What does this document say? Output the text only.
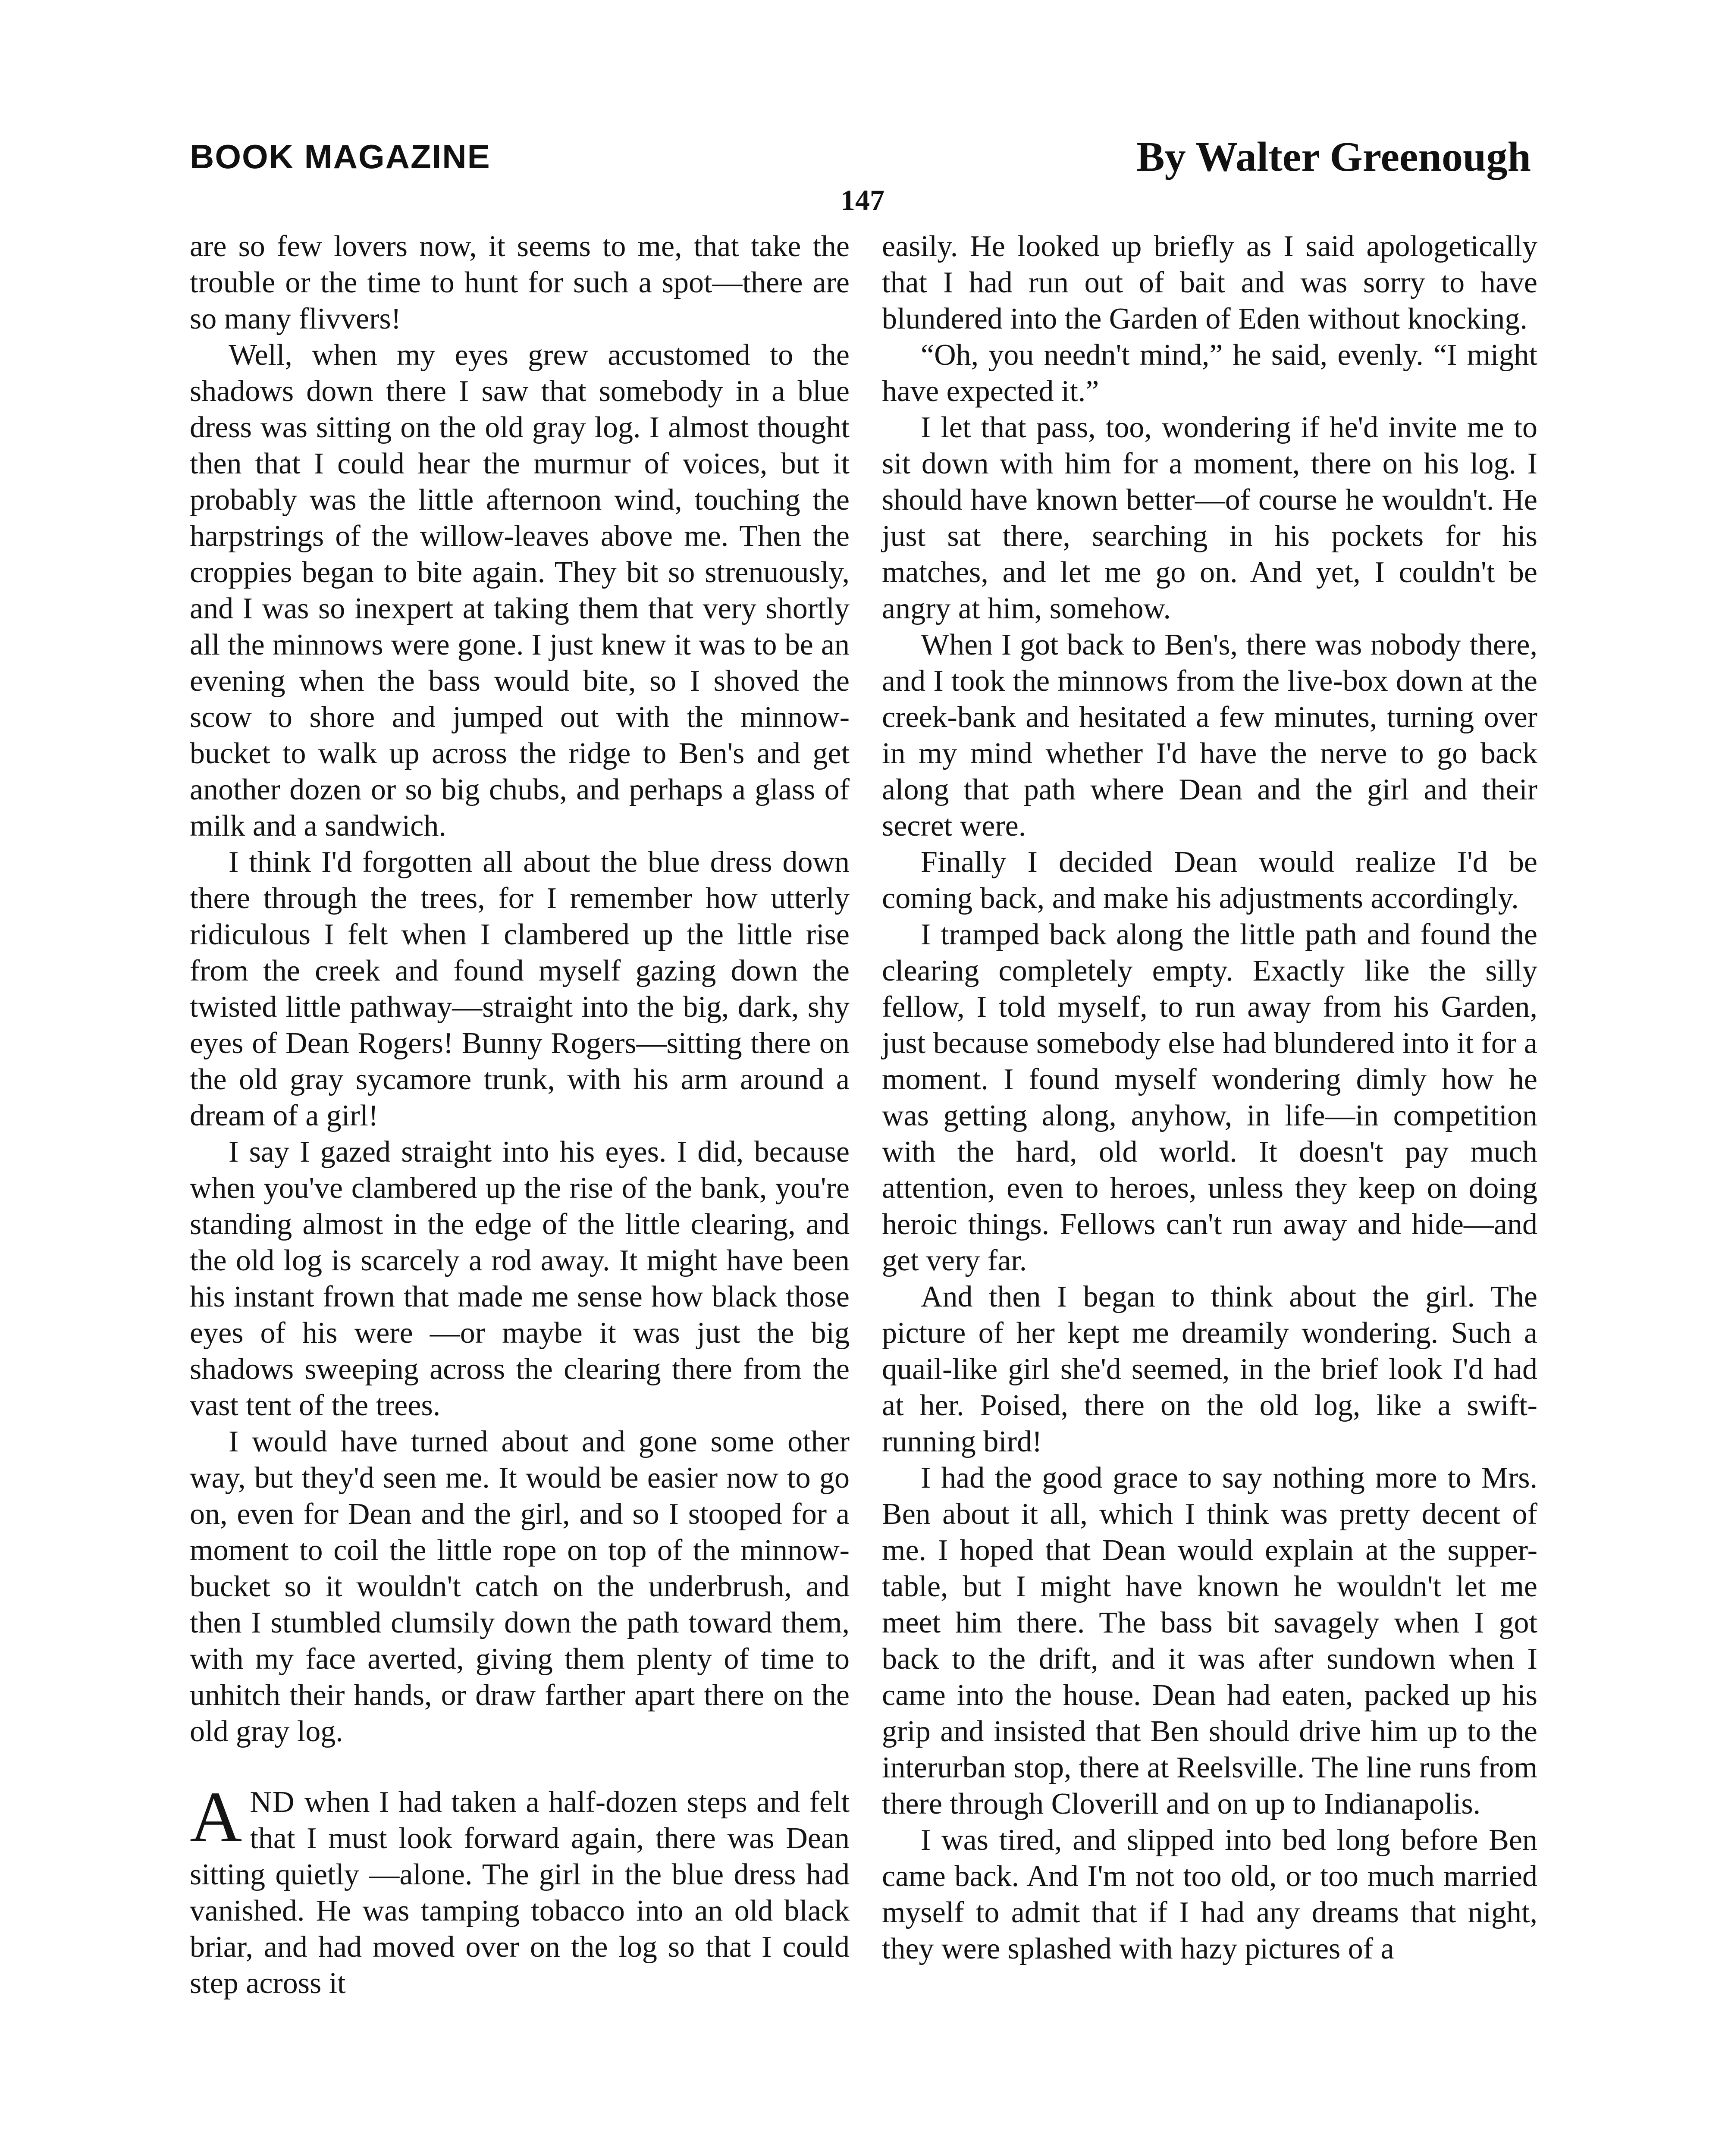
BOOK MAGAZINE	By Walter Greenough
147

are so few lovers now, it seems to me, that take the trouble or the time to hunt for such a spot—there are so many flivvers!

Well, when my eyes grew accustomed to the shadows down there I saw that somebody in a blue dress was sitting on the old gray log. I almost thought then that I could hear the murmur of voices, but it probably was the little afternoon wind, touching the harpstrings of the willow-leaves above me. Then the croppies began to bite again. They bit so strenuously, and I was so inexpert at taking them that very shortly all the minnows were gone. I just knew it was to be an evening when the bass would bite, so I shoved the scow to shore and jumped out with the minnow-bucket to walk up across the ridge to Ben's and get another dozen or so big chubs, and perhaps a glass of milk and a sandwich.

I think I'd forgotten all about the blue dress down there through the trees, for I remember how utterly ridiculous I felt when I clambered up the little rise from the creek and found myself gazing down the twisted little pathway—straight into the big, dark, shy eyes of Dean Rogers! Bunny Rogers—sitting there on the old gray sycamore trunk, with his arm around a dream of a girl!

I say I gazed straight into his eyes. I did, because when you've clambered up the rise of the bank, you're standing almost in the edge of the little clearing, and the old log is scarcely a rod away. It might have been his instant frown that made me sense how black those eyes of his were —or maybe it was just the big shadows sweeping across the clearing there from the vast tent of the trees.

I would have turned about and gone some other way, but they'd seen me. It would be easier now to go on, even for Dean and the girl, and so I stooped for a moment to coil the little rope on top of the minnow-bucket so it wouldn't catch on the underbrush, and then I stumbled clumsily down the path toward them, with my face averted, giving them plenty of time to unhitch their hands, or draw farther apart there on the old gray log.

AND when I had taken a half-dozen steps and felt that I must look forward again, there was Dean sitting quietly —alone. The girl in the blue dress had vanished. He was tamping tobacco into an old black briar, and had moved over on the log so that I could step across it

easily. He looked up briefly as I said apologetically that I had run out of bait and was sorry to have blundered into the Garden of Eden without knocking.

“Oh, you needn't mind,” he said, evenly. “I might have expected it.”

I let that pass, too, wondering if he'd invite me to sit down with him for a moment, there on his log. I should have known better—of course he wouldn't. He just sat there, searching in his pockets for his matches, and let me go on. And yet, I couldn't be angry at him, somehow.

When I got back to Ben's, there was nobody there, and I took the minnows from the live-box down at the creek-bank and hesitated a few minutes, turning over in my mind whether I'd have the nerve to go back along that path where Dean and the girl and their secret were.

Finally I decided Dean would realize I'd be coming back, and make his adjustments accordingly.

I tramped back along the little path and found the clearing completely empty. Exactly like the silly fellow, I told myself, to run away from his Garden, just because somebody else had blundered into it for a moment. I found myself wondering dimly how he was getting along, anyhow, in life—in competition with the hard, old world. It doesn't pay much attention, even to heroes, unless they keep on doing heroic things. Fellows can't run away and hide—and get very far.

And then I began to think about the girl. The picture of her kept me dreamily wondering. Such a quail-like girl she'd seemed, in the brief look I'd had at her. Poised, there on the old log, like a swift-running bird!

I had the good grace to say nothing more to Mrs. Ben about it all, which I think was pretty decent of me. I hoped that Dean would explain at the supper-table, but I might have known he wouldn't let me meet him there. The bass bit savagely when I got back to the drift, and it was after sundown when I came into the house. Dean had eaten, packed up his grip and insisted that Ben should drive him up to the interurban stop, there at Reelsville. The line runs from there through Cloverill and on up to Indianapolis.

I was tired, and slipped into bed long before Ben came back. And I'm not too old, or too much married myself to admit that if I had any dreams that night, they were splashed with hazy pictures of a
